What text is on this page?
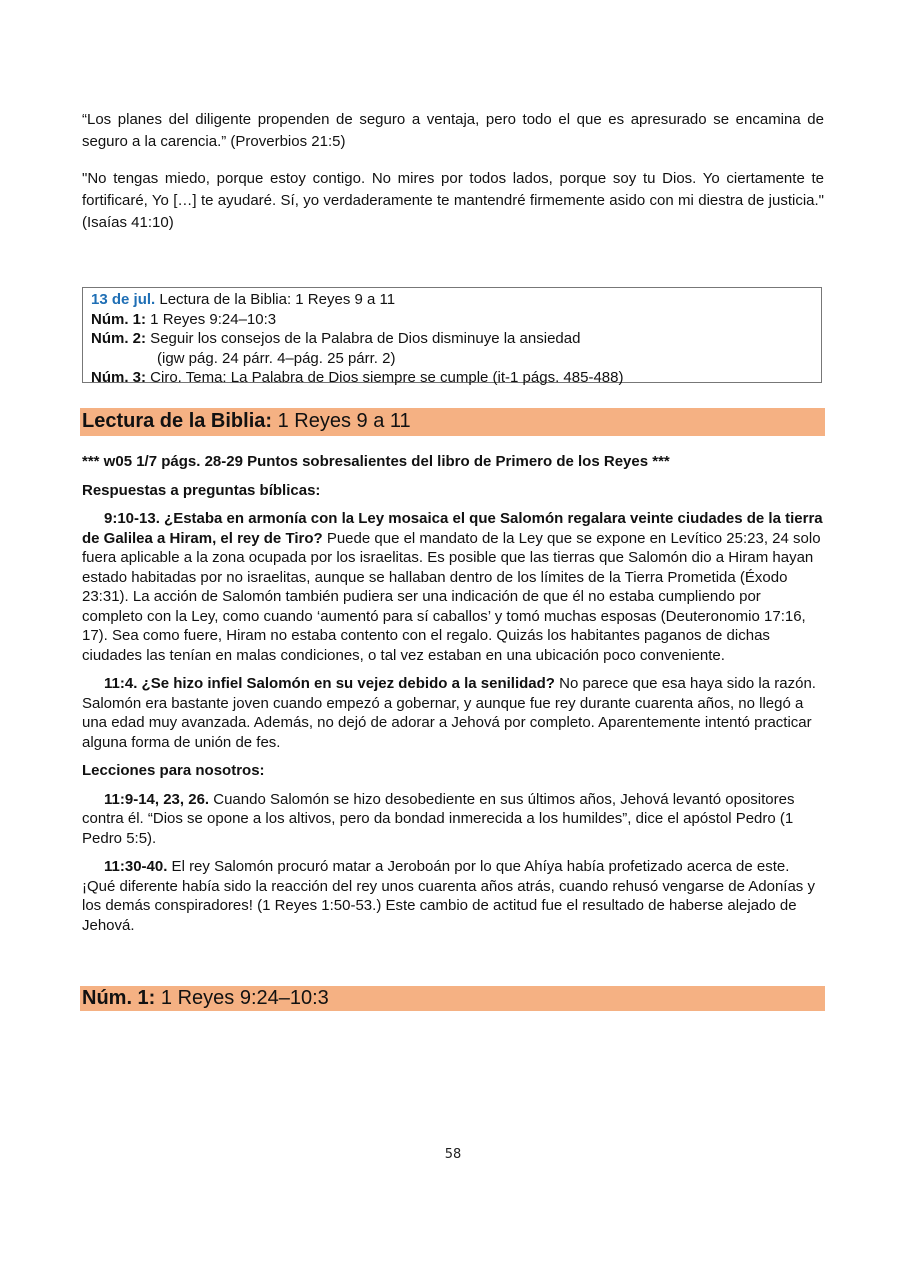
“Los planes del diligente propenden de seguro a ventaja, pero todo el que es apresurado se encamina de seguro a la carencia.” (Proverbios 21:5)

"No tengas miedo, porque estoy contigo. No mires por todos lados, porque soy tu Dios. Yo ciertamente te fortificaré, Yo […] te ayudaré. Sí, yo verdaderamente te mantendré firmemente asido con mi diestra de justicia." (Isaías 41:10)

13 de jul. Lectura de la Biblia: 1 Reyes 9 a 11
Núm. 1: 1 Reyes 9:24–10:3
Núm. 2: Seguir los consejos de la Palabra de Dios disminuye la ansiedad
(igw pág. 24 párr. 4–pág. 25 párr. 2)
Núm. 3: Ciro. Tema: La Palabra de Dios siempre se cumple (it-1 págs. 485-488)
Lectura de la Biblia: 1 Reyes 9 a 11

*** w05 1/7 págs. 28-29 Puntos sobresalientes del libro de Primero de los Reyes ***

Respuestas a preguntas bíblicas:

9:10-13. ¿Estaba en armonía con la Ley mosaica el que Salomón regalara veinte ciudades de la tierra de Galilea a Hiram, el rey de Tiro? Puede que el mandato de la Ley que se expone en Levítico 25:23, 24 solo fuera aplicable a la zona ocupada por los israelitas. Es posible que las tierras que Salomón dio a Hiram hayan estado habitadas por no israelitas, aunque se hallaban dentro de los límites de la Tierra Prometida (Éxodo 23:31). La acción de Salomón también pudiera ser una indicación de que él no estaba cumpliendo por completo con la Ley, como cuando ‘aumentó para sí caballos’ y tomó muchas esposas (Deuteronomio 17:16, 17). Sea como fuere, Hiram no estaba contento con el regalo. Quizás los habitantes paganos de dichas ciudades las tenían en malas condiciones, o tal vez estaban en una ubicación poco conveniente.

11:4. ¿Se hizo infiel Salomón en su vejez debido a la senilidad? No parece que esa haya sido la razón. Salomón era bastante joven cuando empezó a gobernar, y aunque fue rey durante cuarenta años, no llegó a una edad muy avanzada. Además, no dejó de adorar a Jehová por completo. Aparentemente intentó practicar alguna forma de unión de fes.

Lecciones para nosotros:

11:9-14, 23, 26. Cuando Salomón se hizo desobediente en sus últimos años, Jehová levantó opositores contra él. “Dios se opone a los altivos, pero da bondad inmerecida a los humildes”, dice el apóstol Pedro (1 Pedro 5:5).

11:30-40. El rey Salomón procuró matar a Jeroboán por lo que Ahíya había profetizado acerca de este. ¡Qué diferente había sido la reacción del rey unos cuarenta años atrás, cuando rehusó vengarse de Adonías y los demás conspiradores! (1 Reyes 1:50-53.) Este cambio de actitud fue el resultado de haberse alejado de Jehová.

Núm. 1: 1 Reyes 9:24–10:3
58
